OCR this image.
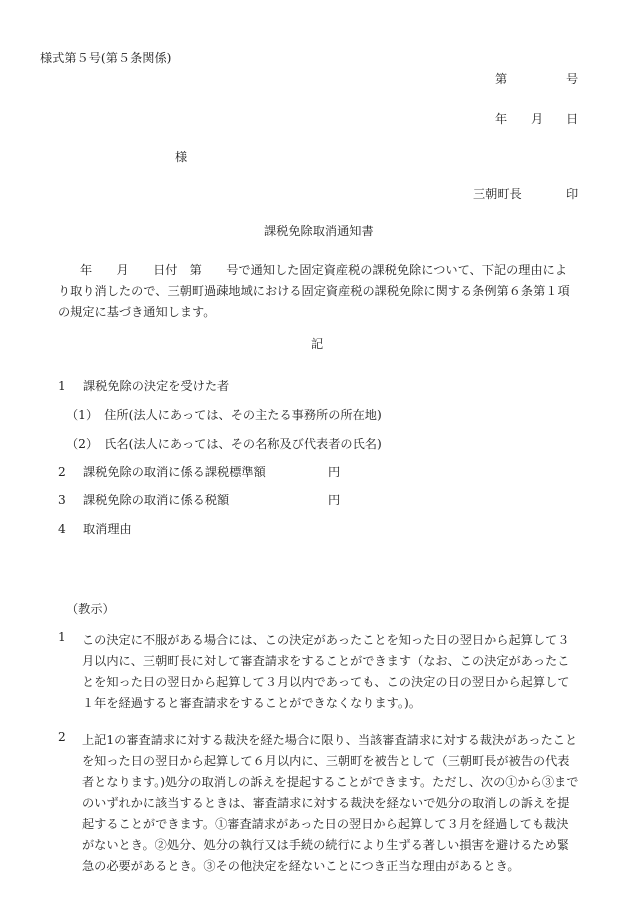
様式第５号(第５条関係)
第	号
年 月 日
様
三朝町長	印
課税免除取消通知書
年　　月　　日付　第　　号で通知した固定資産税の課税免除について、下記の理由により取り消したので、三朝町過疎地域における固定資産税の課税免除に関する条例第６条第１項の規定に基づき通知します。
記
1 課税免除の決定を受けた者
（1）　住所(法人にあっては、その主たる事務所の所在地)
（2）　氏名(法人にあっては、その名称及び代表者の氏名)
2 課税免除の取消に係る課税標準額	円
3 課税免除の取消に係る税額	円
4 取消理由
（教示）
1 この決定に不服がある場合には、この決定があったことを知った日の翌日から起算して３月以内に、三朝町長に対して審査請求をすることができます（なお、この決定があったことを知った日の翌日から起算して３月以内であっても、この決定の日の翌日から起算して１年を経過すると審査請求をすることができなくなります。)。
2 上記1の審査請求に対する裁決を経た場合に限り、当該審査請求に対する裁決があったことを知った日の翌日から起算して６月以内に、三朝町を被告として（三朝町長が被告の代表者となります。)処分の取消しの訴えを提起することができます。ただし、次の①から③までのいずれかに該当するときは、審査請求に対する裁決を経ないで処分の取消しの訴えを提起することができます。①審査請求があった日の翌日から起算して３月を経過しても裁決がないとき。②処分、処分の執行又は手続の続行により生ずる著しい損害を避けるため緊急の必要があるとき。③その他決定を経ないことにつき正当な理由があるとき。
